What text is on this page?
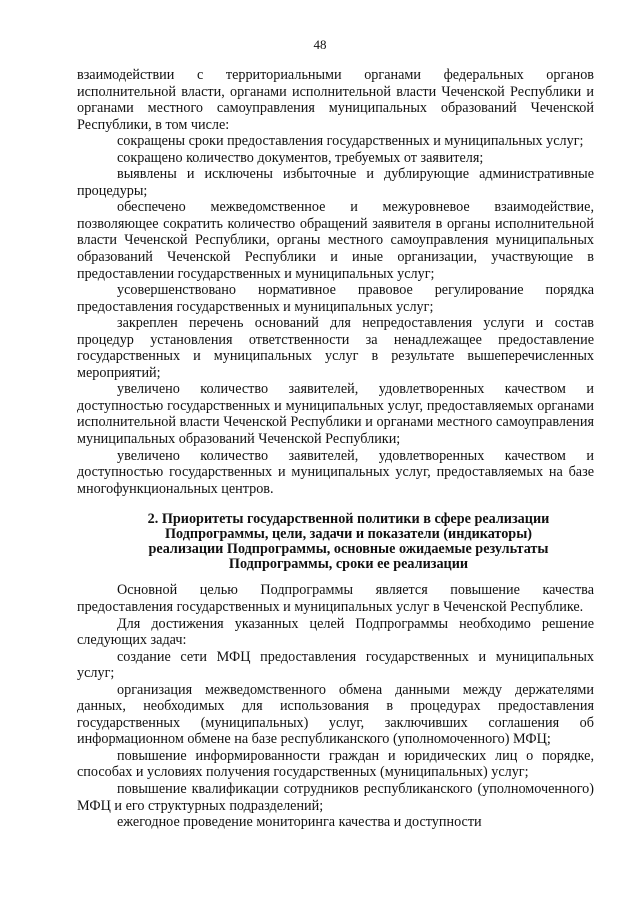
48

взаимодействии с территориальными органами федеральных органов исполнительной власти, органами исполнительной власти Чеченской Республики и органами местного самоуправления муниципальных образований Чеченской Республики, в том числе:

сокращены сроки предоставления государственных и муниципальных услуг;

сокращено количество документов, требуемых от заявителя;

выявлены и исключены избыточные и дублирующие административные процедуры;

обеспечено межведомственное и межуровневое взаимодействие, позволяющее сократить количество обращений заявителя в органы исполнительной власти Чеченской Республики, органы местного самоуправления муниципальных образований Чеченской Республики и иные организации, участвующие в предоставлении государственных и муниципальных услуг;

усовершенствовано нормативное правовое регулирование порядка предоставления государственных и муниципальных услуг;

закреплен перечень оснований для непредоставления услуги и состав процедур установления ответственности за ненадлежащее предоставление государственных и муниципальных услуг в результате вышеперечисленных мероприятий;

увеличено количество заявителей, удовлетворенных качеством и доступностью государственных и муниципальных услуг, предоставляемых органами исполнительной власти Чеченской Республики и органами местного самоуправления муниципальных образований Чеченской Республики;

увеличено количество заявителей, удовлетворенных качеством и доступностью государственных и муниципальных услуг, предоставляемых на базе многофункциональных центров.

2. Приоритеты государственной политики в сфере реализации
Подпрограммы, цели, задачи и показатели (индикаторы)
реализации Подпрограммы, основные ожидаемые результаты
Подпрограммы, сроки ее реализации

Основной целью Подпрограммы является повышение качества предоставления государственных и муниципальных услуг в Чеченской Республике.

Для достижения указанных целей Подпрограммы необходимо решение следующих задач:

создание сети МФЦ предоставления государственных и муниципальных услуг;

организация межведомственного обмена данными между держателями данных, необходимых для использования в процедурах предоставления государственных (муниципальных) услуг, заключивших соглашения об информационном обмене на базе республиканского (уполномоченного) МФЦ;

повышение информированности граждан и юридических лиц о порядке, способах и условиях получения государственных (муниципальных) услуг;

повышение квалификации сотрудников республиканского (уполномоченного) МФЦ и его структурных подразделений;

ежегодное проведение мониторинга качества и доступности
